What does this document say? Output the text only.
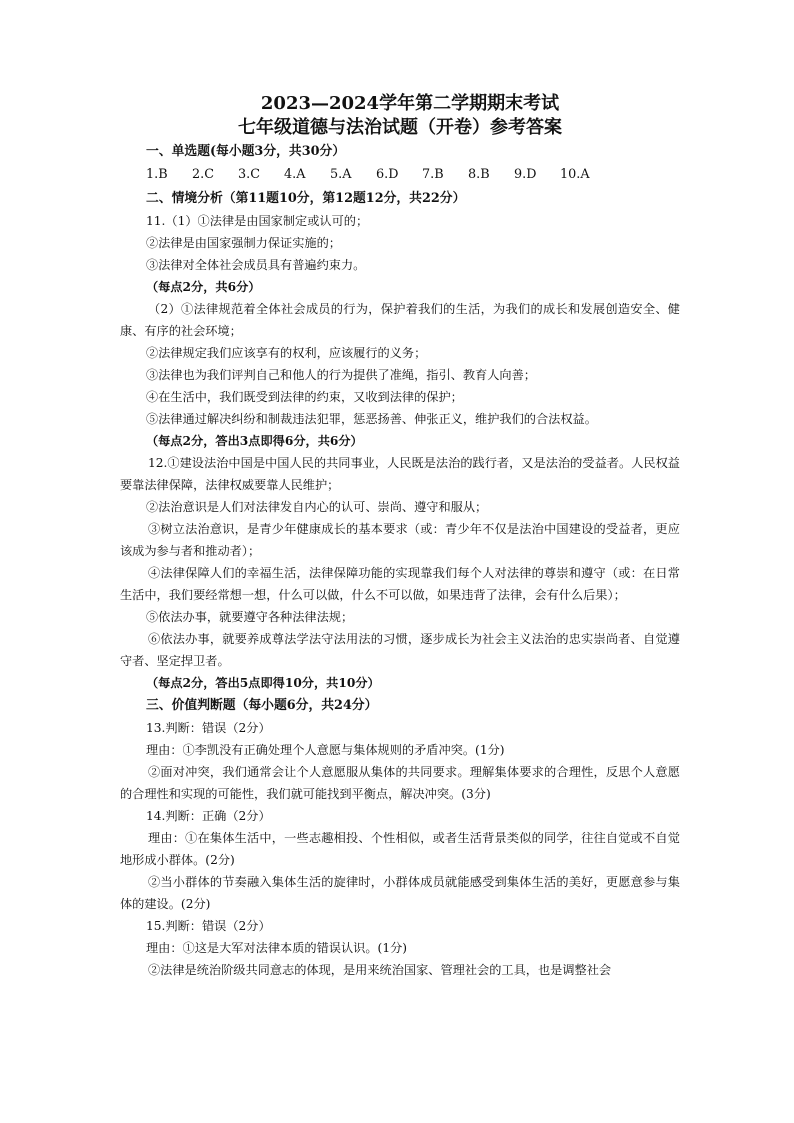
2023—2024学年第二学期期末考试

七年级道德与法治试题（开卷）参考答案

一、单选题(每小题3分，共30分）

1.B 2.C 3.C 4.A 5.A 6.D 7.B 8.B 9.D 10.A

二、情境分析（第11题10分，第12题12分，共22分）

11.（1）①法律是由国家制定或认可的；

②法律是由国家强制力保证实施的；

③法律对全体社会成员具有普遍约束力。

（每点2分，共6分）

（2）①法律规范着全体社会成员的行为，保护着我们的生活，为我们的成长和发展创造安全、健康、有序的社会环境；

②法律规定我们应该享有的权利，应该履行的义务；

③法律也为我们评判自己和他人的行为提供了准绳，指引、教育人向善；

④在生活中，我们既受到法律的约束，又收到法律的保护；

⑤法律通过解决纠纷和制裁违法犯罪，惩恶扬善、伸张正义，维护我们的合法权益。

（每点2分，答出3点即得6分，共6分）

12.①建设法治中国是中国人民的共同事业，人民既是法治的践行者，又是法治的受益者。人民权益要靠法律保障，法律权威要靠人民维护；

②法治意识是人们对法律发自内心的认可、崇尚、遵守和服从；

③树立法治意识，是青少年健康成长的基本要求（或：青少年不仅是法治中国建设的受益者，更应该成为参与者和推动者）；

④法律保障人们的幸福生活，法律保障功能的实现靠我们每个人对法律的尊崇和遵守（或：在日常生活中，我们要经常想一想，什么可以做，什么不可以做，如果违背了法律，会有什么后果）；

⑤依法办事，就要遵守各种法律法规；

⑥依法办事，就要养成尊法学法守法用法的习惯，逐步成长为社会主义法治的忠实崇尚者、自觉遵守者、坚定捍卫者。

（每点2分，答出5点即得10分，共10分）

三、价值判断题（每小题6分，共24分）

13.判断：错误（2分）

理由：①李凯没有正确处理个人意愿与集体规则的矛盾冲突。(1分)

②面对冲突，我们通常会让个人意愿服从集体的共同要求。理解集体要求的合理性，反思个人意愿的合理性和实现的可能性，我们就可能找到平衡点，解决冲突。(3分)

14.判断：正确（2分）

理由：①在集体生活中，一些志趣相投、个性相似，或者生活背景类似的同学，往往自觉或不自觉地形成小群体。(2分)

②当小群体的节奏融入集体生活的旋律时，小群体成员就能感受到集体生活的美好，更愿意参与集体的建设。(2分)

15.判断：错误（2分）

理由：①这是大军对法律本质的错误认识。(1分)

②法律是统治阶级共同意志的体现，是用来统治国家、管理社会的工具，也是调整社会
